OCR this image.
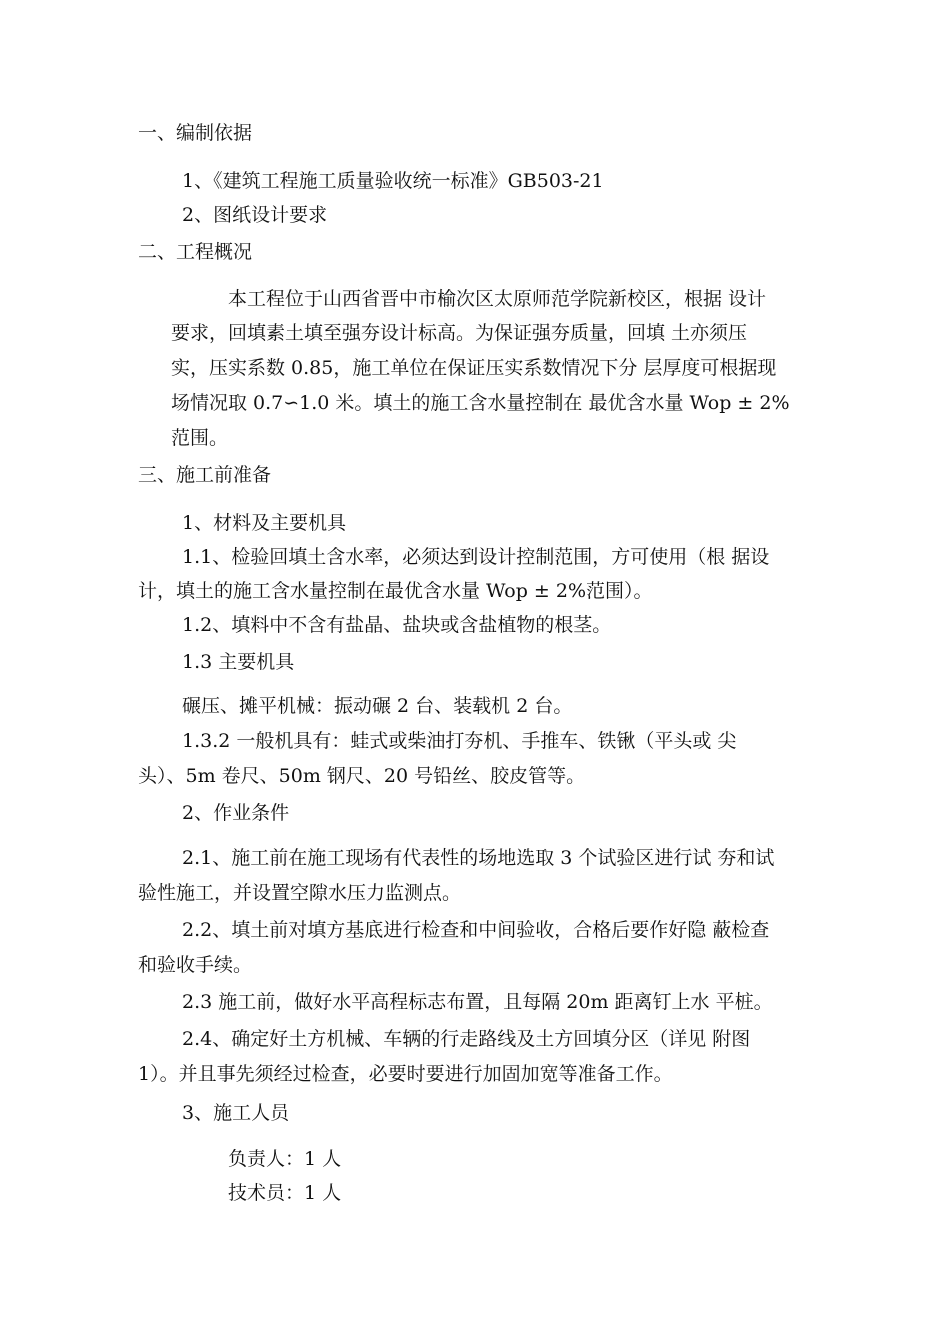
一、编制依据
1、《建筑工程施工质量验收统一标准》GB503-21
2、图纸设计要求
二、工程概况
本工程位于山西省晋中市榆次区太原师范学院新校区，根据 设计
要求，回填素土填至强夯设计标高。为保证强夯质量，回填 土亦须压
实，压实系数 0.85，施工单位在保证压实系数情况下分 层厚度可根据现
场情况取 0.7∽1.0 米。填土的施工含水量控制在 最优含水量 Wop ± 2%
范围。
三、施工前准备
1、材料及主要机具
1.1、检验回填土含水率，必须达到设计控制范围，方可使用（根 据设
计，填土的施工含水量控制在最优含水量 Wop ± 2%范围）。
1.2、填料中不含有盐晶、盐块或含盐植物的根茎。
1.3 主要机具
碾压、摊平机械：振动碾 2 台、装载机 2 台。
1.3.2 一般机具有：蛙式或柴油打夯机、手推车、铁锹（平头或 尖
头）、5m 卷尺、50m 钢尺、20 号铅丝、胶皮管等。
2、作业条件
2.1、施工前在施工现场有代表性的场地选取 3 个试验区进行试 夯和试
验性施工，并设置空隙水压力监测点。
2.2、填土前对填方基底进行检查和中间验收，合格后要作好隐 蔽检查
和验收手续。
2.3 施工前，做好水平高程标志布置，且每隔 20m 距离钉上水 平桩。
2.4、确定好土方机械、车辆的行走路线及土方回填分区（详见 附图
1）。并且事先须经过检查，必要时要进行加固加宽等准备工作。
3、施工人员
负责人：1 人
技术员：1 人
